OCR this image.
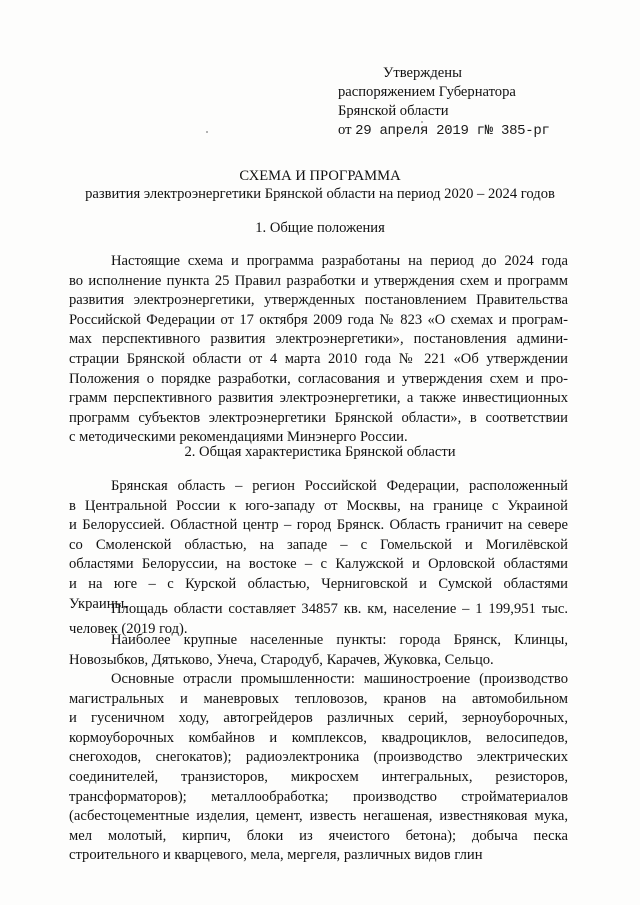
Утверждены
распоряжением Губернатора
Брянской области
от 29 апреля 2019 г№ 385-рг
СХЕМА И ПРОГРАММА
развития электроэнергетики Брянской области на период 2020 – 2024 годов
1. Общие положения
Настоящие схема и программа разработаны на период до 2024 года
во исполнение пункта 25 Правил разработки и утверждения схем и программ
развития электроэнергетики, утвержденных постановлением Правительства
Российской Федерации от 17 октября 2009 года № 823 «О схемах и програм-
мах перспективного развития электроэнергетики», постановления админи-
страции Брянской области от 4 марта 2010 года № 221 «Об утверждении
Положения о порядке разработки, согласования и утверждения схем и про-
грамм перспективного развития электроэнергетики, а также инвестиционных
программ субъектов электроэнергетики Брянской области», в соответствии
с методическими рекомендациями Минэнерго России.
2. Общая характеристика Брянской области
Брянская область – регион Российской Федерации, расположенный
в Центральной России к юго-западу от Москвы, на границе с Украиной
и Белоруссией. Областной центр – город Брянск. Область граничит на севере
со Смоленской областью, на западе – с Гомельской и Могилёвской
областями Белоруссии, на востоке – с Калужской и Орловской областями
и на юге – с Курской областью, Черниговской и Сумской областями
Украины.
Площадь области составляет 34857 кв. км, население – 1 199,951 тыс.
человек (2019 год).
Наиболее крупные населенные пункты: города Брянск, Клинцы,
Новозыбков, Дятьково, Унеча, Стародуб, Карачев, Жуковка, Сельцо.
Основные отрасли промышленности: машиностроение (производство
магистральных и маневровых тепловозов, кранов на автомобильном
и гусеничном ходу, автогрейдеров различных серий, зерноуборочных,
кормоуборочных комбайнов и комплексов, квадроциклов, велосипедов,
снегоходов, снегокатов); радиоэлектроника (производство электрических
соединителей, транзисторов, микросхем интегральных, резисторов,
трансформаторов); металлообработка; производство стройматериалов
(асбестоцементные изделия, цемент, известь негашеная, известняковая мука,
мел молотый, кирпич, блоки из ячеистого бетона); добыча песка
строительного и кварцевого, мела, мергеля, различных видов глин
